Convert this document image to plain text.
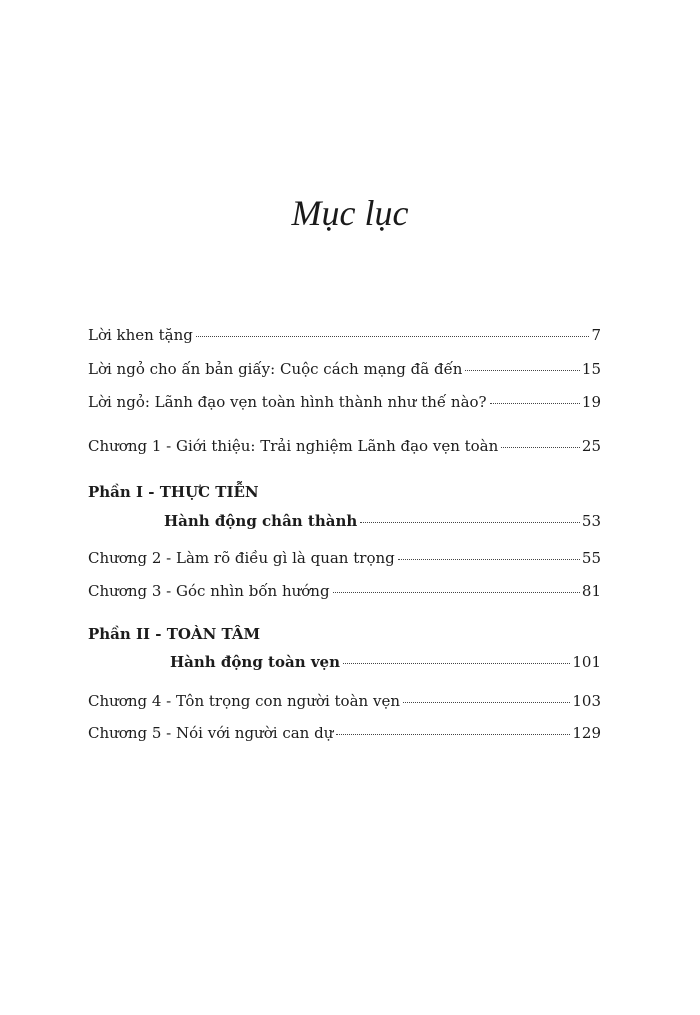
Mục lục
Lời khen tặng	7
Lời ngỏ cho ấn bản giấy: Cuộc cách mạng đã đến	15
Lời ngỏ: Lãnh đạo vẹn toàn hình thành như thế nào?	19
Chương 1 - Giới thiệu: Trải nghiệm Lãnh đạo vẹn toàn	25
Phần I - THỰC TIỄN
Hành động chân thành	53
Chương 2 - Làm rõ điều gì là quan trọng	55
Chương 3 - Góc nhìn bốn hướng	81
Phần II - TOÀN TÂM
Hành động toàn vẹn	101
Chương 4 - Tôn trọng con người toàn vẹn	103
Chương 5 - Nói với người can dự	129
